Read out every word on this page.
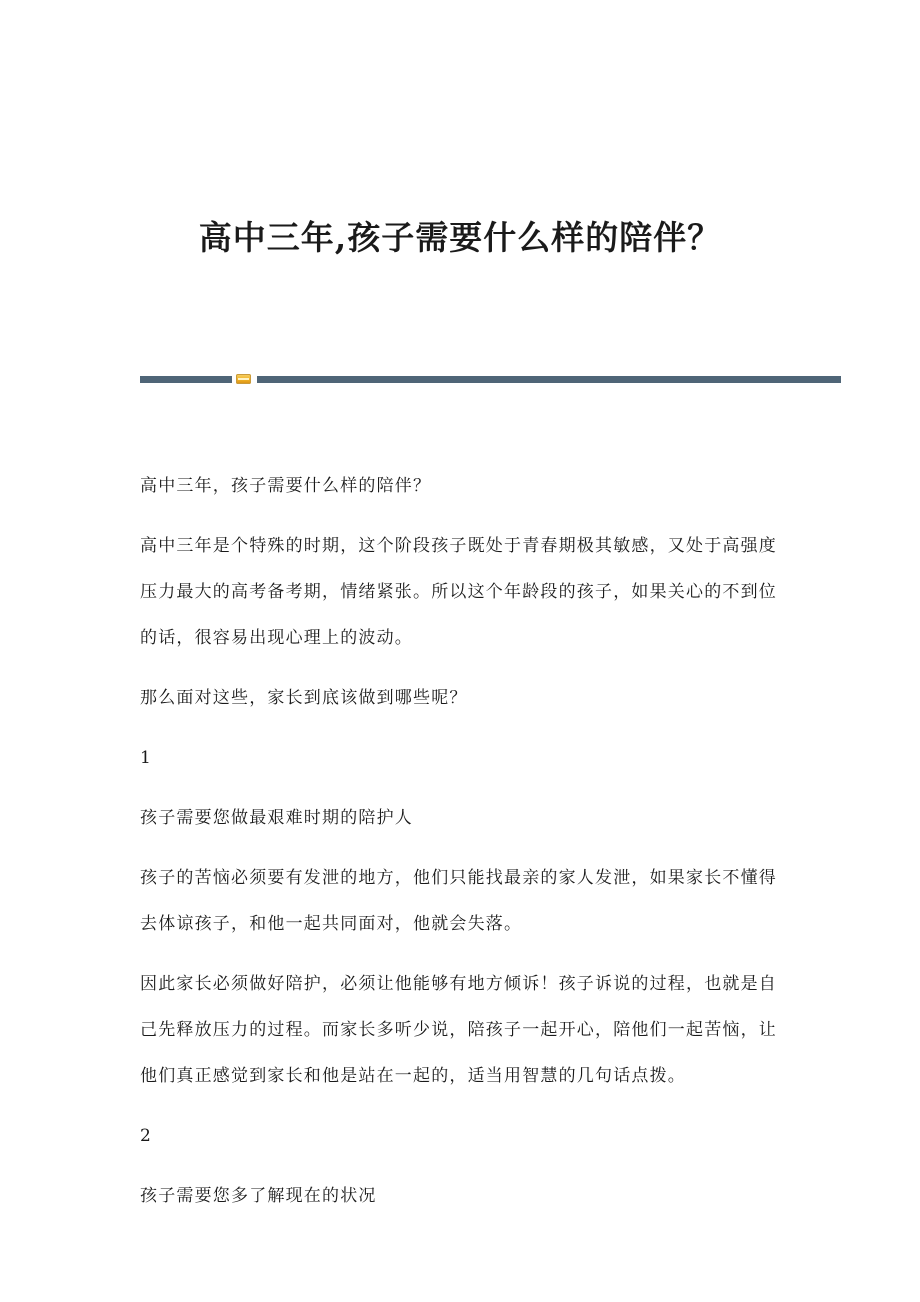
高中三年,孩子需要什么样的陪伴？

高中三年，孩子需要什么样的陪伴？

高中三年是个特殊的时期，这个阶段孩子既处于青春期极其敏感，又处于高强度压力最大的高考备考期，情绪紧张。所以这个年龄段的孩子，如果关心的不到位的话，很容易出现心理上的波动。

那么面对这些，家长到底该做到哪些呢？

1

孩子需要您做最艰难时期的陪护人

孩子的苦恼必须要有发泄的地方，他们只能找最亲的家人发泄，如果家长不懂得去体谅孩子，和他一起共同面对，他就会失落。

因此家长必须做好陪护，必须让他能够有地方倾诉！孩子诉说的过程，也就是自己先释放压力的过程。而家长多听少说，陪孩子一起开心，陪他们一起苦恼，让他们真正感觉到家长和他是站在一起的，适当用智慧的几句话点拨。

2

孩子需要您多了解现在的状况
